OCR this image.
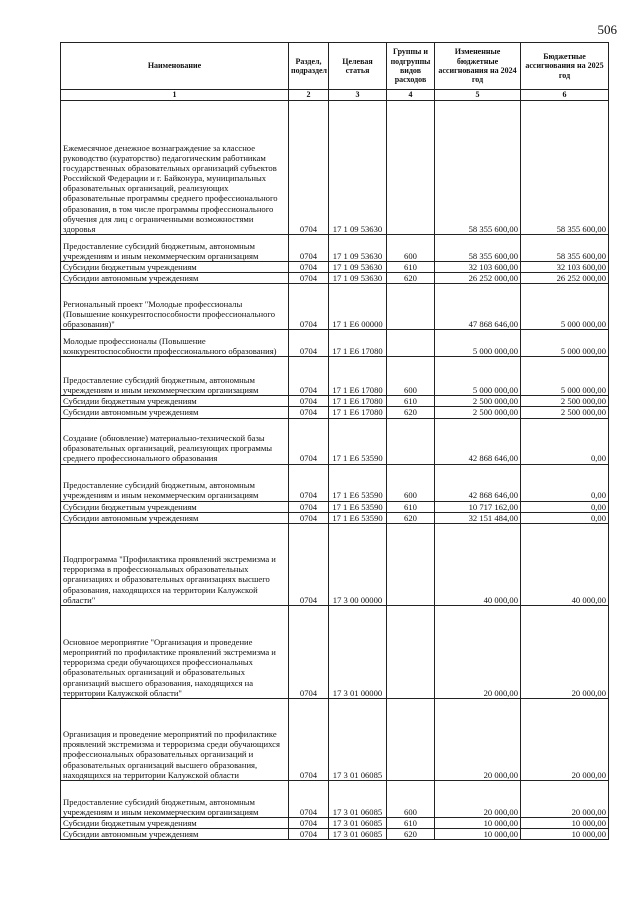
506
Наименование	Раздел, подраздел	Целевая статья	Группы и подгруппы видов расходов	Измененные бюджетные ассигнования на 2024 год	Бюджетные ассигнования на 2025 год
1	2	3	4	5	6

Ежемесячное денежное вознаграждение за классное руководство (кураторство) педагогическим работникам государственных образовательных организаций субъектов Российской Федерации и г. Байконура, муниципальных образовательных организаций, реализующих образовательные программы среднего профессионального образования, в том числе программы профессионального обучения для лиц с ограниченными возможностями здоровья	0704	17 1 09 53630		58 355 600,00	58 355 600,00
Предоставление субсидий бюджетным, автономным учреждениям и иным некоммерческим организациям	0704	17 1 09 53630	600	58 355 600,00	58 355 600,00
Субсидии бюджетным учреждениям	0704	17 1 09 53630	610	32 103 600,00	32 103 600,00
Субсидии автономным учреждениям	0704	17 1 09 53630	620	26 252 000,00	26 252 000,00

Региональный проект "Молодые профессионалы (Повышение конкурентоспособности профессионального образования)"	0704	17 1 Е6 00000		47 868 646,00	5 000 000,00
Молодые профессионалы (Повышение конкурентоспособности профессионального образования)	0704	17 1 Е6 17080		5 000 000,00	5 000 000,00

Предоставление субсидий бюджетным, автономным учреждениям и иным некоммерческим организациям	0704	17 1 Е6 17080	600	5 000 000,00	5 000 000,00
Субсидии бюджетным учреждениям	0704	17 1 Е6 17080	610	2 500 000,00	2 500 000,00
Субсидии автономным учреждениям	0704	17 1 Е6 17080	620	2 500 000,00	2 500 000,00

Создание (обновление) материально-технической базы образовательных организаций, реализующих программы среднего профессионального образования	0704	17 1 Е6 53590		42 868 646,00	0,00

Предоставление субсидий бюджетным, автономным учреждениям и иным некоммерческим организациям	0704	17 1 Е6 53590	600	42 868 646,00	0,00
Субсидии бюджетным учреждениям	0704	17 1 Е6 53590	610	10 717 162,00	0,00
Субсидии автономным учреждениям	0704	17 1 Е6 53590	620	32 151 484,00	0,00

Подпрограмма "Профилактика проявлений экстремизма и терроризма в профессиональных образовательных организациях и образовательных организациях высшего образования, находящихся на территории Калужской области"	0704	17 3 00 00000		40 000,00	40 000,00

Основное мероприятие "Организация и проведение мероприятий по профилактике проявлений экстремизма и терроризма среди обучающихся профессиональных образовательных организаций и образовательных организаций высшего образования, находящихся на территории Калужской области"	0704	17 3 01 00000		20 000,00	20 000,00

Организация и проведение мероприятий по профилактике проявлений экстремизма и терроризма среди обучающихся профессиональных образовательных организаций и образовательных организаций высшего образования, находящихся на территории Калужской области	0704	17 3 01 06085		20 000,00	20 000,00

Предоставление субсидий бюджетным, автономным учреждениям и иным некоммерческим организациям	0704	17 3 01 06085	600	20 000,00	20 000,00
Субсидии бюджетным учреждениям	0704	17 3 01 06085	610	10 000,00	10 000,00
Субсидии автономным учреждениям	0704	17 3 01 06085	620	10 000,00	10 000,00
